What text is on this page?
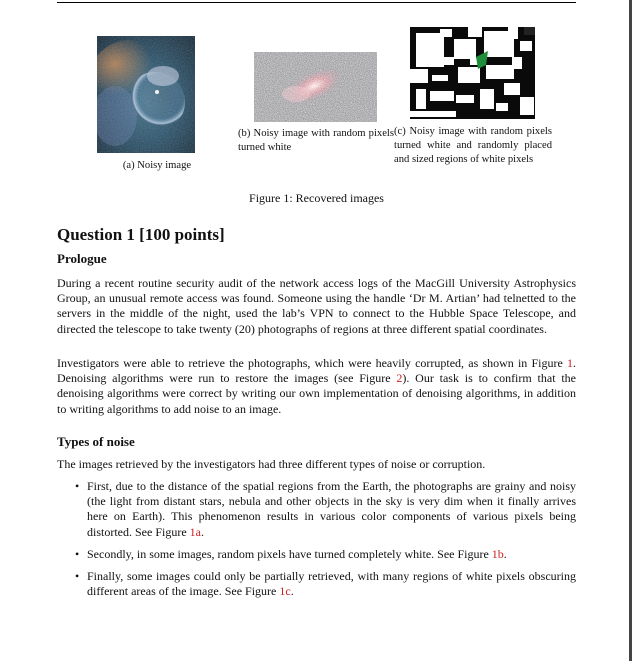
(a) Noisy image
(b) Noisy image with random pixels turned white
(c) Noisy image with random pixels turned white and randomly placed and sized regions of white pixels
Figure 1: Recovered images
Question 1 [100 points]
Prologue

During a recent routine security audit of the network access logs of the MacGill University Astrophysics Group, an unusual remote access was found. Someone using the handle ‘Dr M. Artian’ had telnetted to the servers in the middle of the night, used the lab’s VPN to connect to the Hubble Space Telescope, and directed the telescope to take twenty (20) photographs of regions at three different spatial coordinates.

Investigators were able to retrieve the photographs, which were heavily corrupted, as shown in Figure 1. Denoising algorithms were run to restore the images (see Figure 2). Our task is to confirm that the denoising algorithms were correct by writing our own implementation of denoising algorithms, in addition to writing algorithms to add noise to an image.

Types of noise

The images retrieved by the investigators had three different types of noise or corruption.

• First, due to the distance of the spatial regions from the Earth, the photographs are grainy and noisy (the light from distant stars, nebula and other objects in the sky is very dim when it finally arrives here on Earth). This phenomenon results in various color components of various pixels being distorted. See Figure 1a.
• Secondly, in some images, random pixels have turned completely white. See Figure 1b.
• Finally, some images could only be partially retrieved, with many regions of white pixels obscuring different areas of the image. See Figure 1c.
